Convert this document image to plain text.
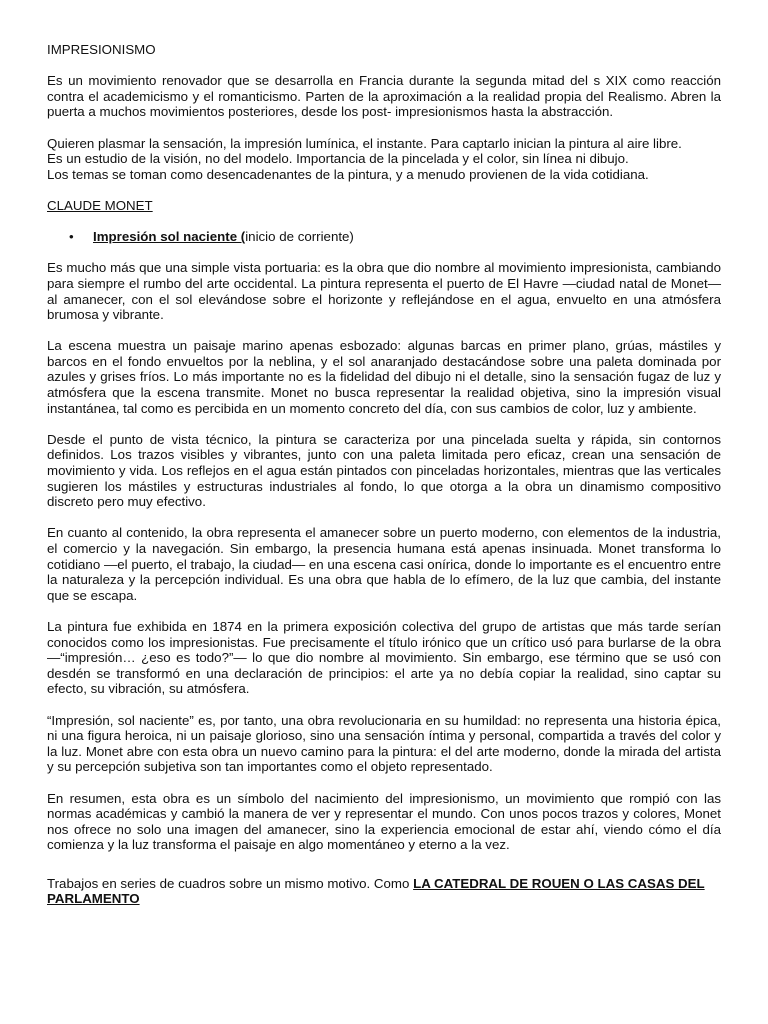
IMPRESIONISMO

Es un movimiento renovador que se desarrolla en Francia durante la segunda mitad del s XIX como reacción contra el academicismo y el romanticismo. Parten de la aproximación a la realidad propia del Realismo. Abren la puerta a muchos movimientos posteriores, desde los post- impresionismos hasta la abstracción.

Quieren plasmar la sensación, la impresión lumínica, el instante. Para captarlo inician la pintura al aire libre.

Es un estudio de la visión, no del modelo. Importancia de la pincelada y el color, sin línea ni dibujo.

Los temas se toman como desencadenantes de la pintura, y a menudo provienen de la vida cotidiana.

CLAUDE MONET

• Impresión sol naciente (inicio de corriente)

Es mucho más que una simple vista portuaria: es la obra que dio nombre al movimiento impresionista, cambiando para siempre el rumbo del arte occidental. La pintura representa el puerto de El Havre —ciudad natal de Monet— al amanecer, con el sol elevándose sobre el horizonte y reflejándose en el agua, envuelto en una atmósfera brumosa y vibrante.

La escena muestra un paisaje marino apenas esbozado: algunas barcas en primer plano, grúas, mástiles y barcos en el fondo envueltos por la neblina, y el sol anaranjado destacándose sobre una paleta dominada por azules y grises fríos. Lo más importante no es la fidelidad del dibujo ni el detalle, sino la sensación fugaz de luz y atmósfera que la escena transmite. Monet no busca representar la realidad objetiva, sino la impresión visual instantánea, tal como es percibida en un momento concreto del día, con sus cambios de color, luz y ambiente.

Desde el punto de vista técnico, la pintura se caracteriza por una pincelada suelta y rápida, sin contornos definidos. Los trazos visibles y vibrantes, junto con una paleta limitada pero eficaz, crean una sensación de movimiento y vida. Los reflejos en el agua están pintados con pinceladas horizontales, mientras que las verticales sugieren los mástiles y estructuras industriales al fondo, lo que otorga a la obra un dinamismo compositivo discreto pero muy efectivo.

En cuanto al contenido, la obra representa el amanecer sobre un puerto moderno, con elementos de la industria, el comercio y la navegación. Sin embargo, la presencia humana está apenas insinuada. Monet transforma lo cotidiano —el puerto, el trabajo, la ciudad— en una escena casi onírica, donde lo importante es el encuentro entre la naturaleza y la percepción individual. Es una obra que habla de lo efímero, de la luz que cambia, del instante que se escapa.

La pintura fue exhibida en 1874 en la primera exposición colectiva del grupo de artistas que más tarde serían conocidos como los impresionistas. Fue precisamente el título irónico que un crítico usó para burlarse de la obra —“impresión… ¿eso es todo?”— lo que dio nombre al movimiento. Sin embargo, ese término que se usó con desdén se transformó en una declaración de principios: el arte ya no debía copiar la realidad, sino captar su efecto, su vibración, su atmósfera.

“Impresión, sol naciente” es, por tanto, una obra revolucionaria en su humildad: no representa una historia épica, ni una figura heroica, ni un paisaje glorioso, sino una sensación íntima y personal, compartida a través del color y la luz. Monet abre con esta obra un nuevo camino para la pintura: el del arte moderno, donde la mirada del artista y su percepción subjetiva son tan importantes como el objeto representado.

En resumen, esta obra es un símbolo del nacimiento del impresionismo, un movimiento que rompió con las normas académicas y cambió la manera de ver y representar el mundo. Con unos pocos trazos y colores, Monet nos ofrece no solo una imagen del amanecer, sino la experiencia emocional de estar ahí, viendo cómo el día comienza y la luz transforma el paisaje en algo momentáneo y eterno a la vez.

Trabajos en series de cuadros sobre un mismo motivo. Como LA CATEDRAL DE ROUEN O LAS CASAS DEL PARLAMENTO
